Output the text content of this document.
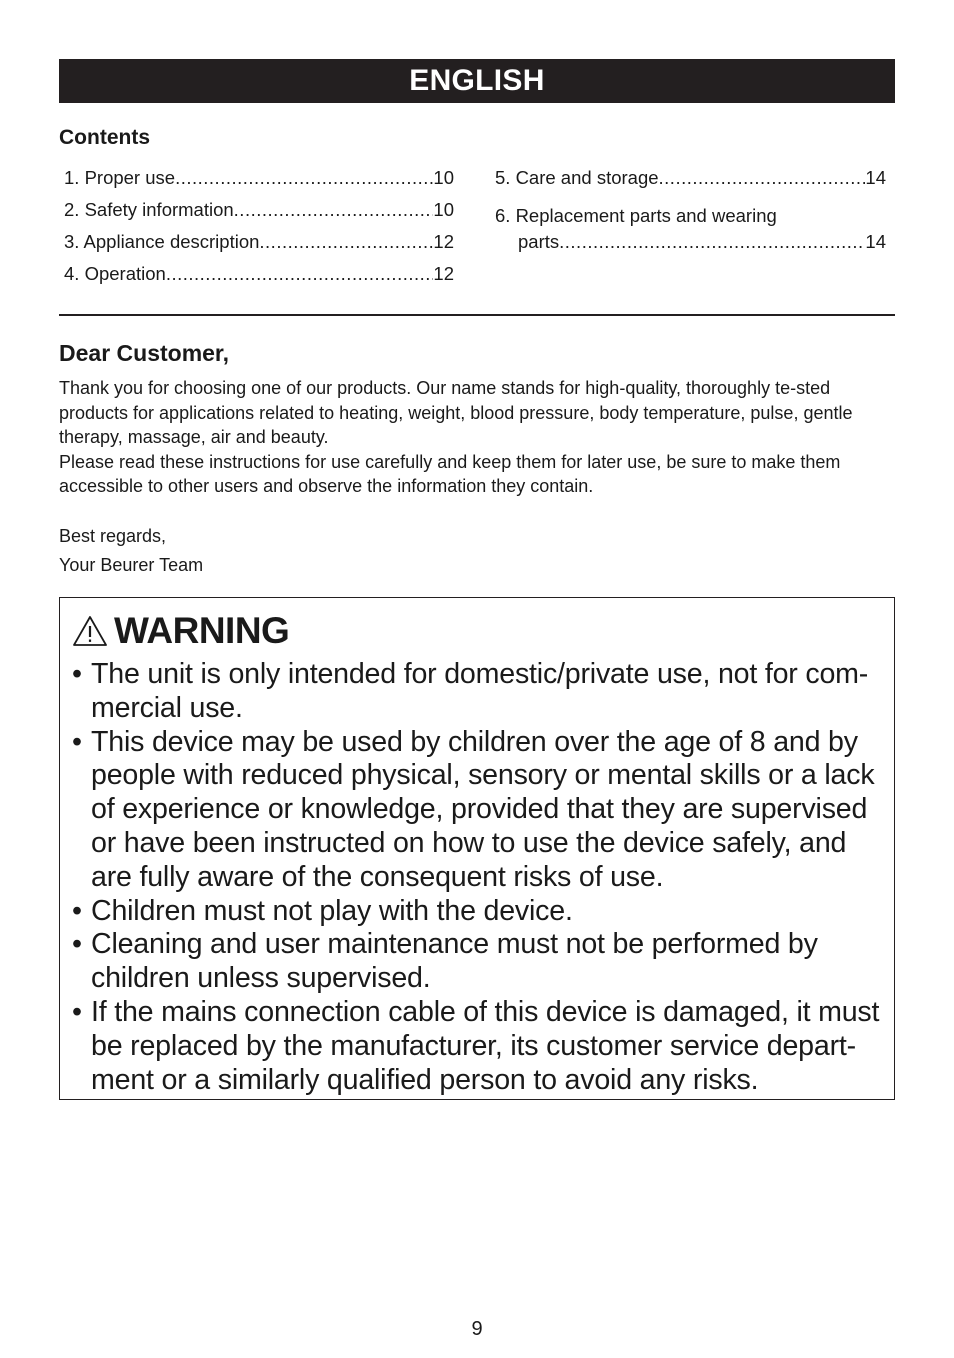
ENGLISH
Contents
1. Proper use .....	10
2. Safety information .....	10
3. Appliance description .....	12
4. Operation .....	12
5. Care and storage .....	14
6. Replacement parts and wearing
parts .....	14
Dear Customer,

Thank you for choosing one of our products. Our name stands for high-quality, thoroughly te-sted products for applications related to heating, weight, blood pressure, body temperature, pulse, gentle therapy, massage, air and beauty.

Please read these instructions for use carefully and keep them for later use, be sure to make them accessible to other users and observe the information they contain.

Best regards,
Your Beurer Team
WARNING
• The unit is only intended for domestic/private use, not for com-mercial use.
• This device may be used by children over the age of 8 and by people with reduced physical, sensory or mental skills or a lack of experience or knowledge, provided that they are supervised or have been instructed on how to use the device safely, and are fully aware of the consequent risks of use.
• Children must not play with the device.
• Cleaning and user maintenance must not be performed by children unless supervised.
• If the mains connection cable of this device is damaged, it must be replaced by the manufacturer, its customer service depart-ment or a similarly qualified person to avoid any risks.
9
